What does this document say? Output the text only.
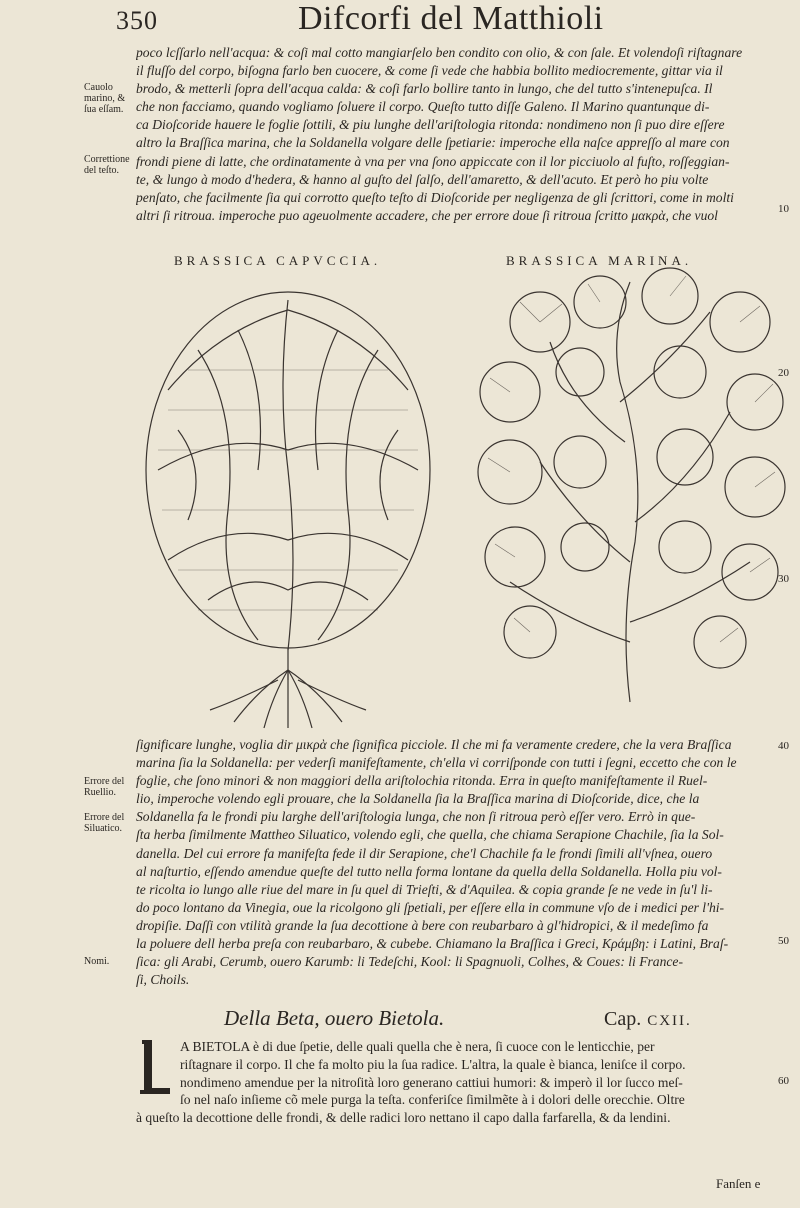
350	Difcorfi del Matthioli
poco lcſſarlo nell'acqua: & coſi mal cotto mangiarſelo ben condito con olio, & con ſale. Et volendoſi riſtagnare
il fluſſo del corpo, biſogna farlo ben cuocere, & come ſi vede che habbia bollito mediocremente, gittar via il
brodo, & metterli ſopra dell'acqua calda: & coſi farlo bollire tanto in lungo, che del tutto s'intenериſca. Il
che non facciamo, quando vogliamo ſoluere il corpo. Queſto tutto diſſe Galeno. Il Marino quantunque di-
ca Dioſcoride hauere le foglie ſottili, & piu lunghe dell'ariſtologia ritonda: nondimeno non ſi puo dire eſſere
altro la Braſſica marina, che la Soldanella volgare delle ſpetiarie: imperoche ella naſce appreſſo al mare con
frondi piene di latte, che ordinatamente à vna per vna ſono appiccate con il lor picciuolo al fuſto, roſſeggian-
te, & lungo à modo d'hedera, & hanno al guſto del ſalſo, dell'amaretto, & dell'acuto. Et però ho piu volte
penſato, che facilmente ſia qui corrotto queſto teſto di Dioſcoride per negligenza de gli ſcrittori, come in molti
altri ſi ritroua. imperoche puo ageuolmente accadere, che per errore doue ſi ritroua ſcritto μακρὰ, che vuol
Cauolo marino, & ſua eſſam.
Correttione del teſto.
Errore del Ruellio.
Errore del Siluatico.
Nomi.
10
20
30
40
50
60
BRASSICA CAPVCCIA.	BRASSICA MARINA.
ſignificare lunghe, voglia dir μικρὰ che ſignifica picciole. Il che mi fa veramente credere, che la vera Braſſica
marina ſia la Soldanella: per vederſi manifeſtamente, ch'ella vi corriſponde con tutti i ſegni, eccetto che con le
foglie, che ſono minori & non maggiori della ariſtolochia ritonda. Erra in queſto manifeſtamente il Ruel-
lio, imperoche volendo egli prouare, che la Soldanella ſia la Braſſica marina di Dioſcoride, dice, che la
Soldanella fa le frondi piu larghe dell'ariſtologia lunga, che non ſi ritroua però eſſer vero. Errò in que-
ſta herba ſimilmente Mattheo Siluatico, volendo egli, che quella, che chiama Serapione Chachile, ſia la Sol-
danella. Del cui errore fa manifeſta fede il dir Serapione, che'l Chachile fa le frondi ſimili all'vſnea, ouero
al naſturtio, eſſendo amendue queſte del tutto nella forma lontane da quella della Soldanella. Holla piu vol-
te ricolta io lungo alle riue del mare in ſu quel di Trieſti, & d'Aquilea. & copia grande ſe ne vede in ſu'l li-
do poco lontano da Vinegia, oue la ricolgono gli ſpetiali, per eſſere ella in commune vſo de i medici per l'hi-
dropiſie. Daſſi con vtilità grande la ſua decottione à bere con reubarbaro à gl'hidropici, & il medeſimo fa
la poluere dell herba preſa con reubarbaro, & cubebe. Chiamano la Braſſica i Greci, Κράμβη: i Latini, Braſ-
ſica: gli Arabi, Cerumb, ouero Karumb: li Tedeſchi, Kool: li Spagnuoli, Colhes, & Coues: li France-
ſi, Choils.
Della Beta, ouero Bietola.	Cap. CXII.
A BIETOLA è di due ſpetie, delle quali quella che è nera, ſi cuoce con le lenticchie, per
riſtagnare il corpo. Il che fa molto piu la ſua radice. L'altra, la quale è bianca, leniſce il corpo.
nondimeno amendue per la nitroſità loro generano cattiui humori: & imperò il lor ſucco meſ-
ſo nel naſo inſieme cõ mele purga la teſta. conferiſce ſimilmẽte à i dolori delle orecchie. Oltre
à queſto la decottione delle frondi, & delle radici loro nettano il capo dalla farfarella, & da lendini.
Fanſen e
